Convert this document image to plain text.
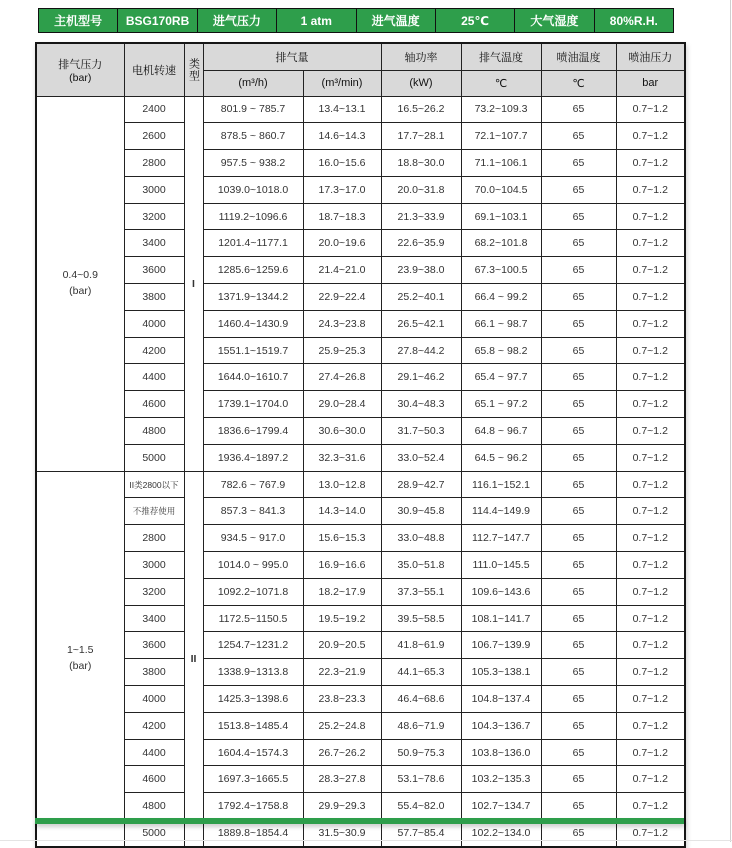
主机型号	BSG170RB	进气压力	1 atm	进气温度	25℃	大气湿度	80%R.H.
排气压力
(bar)	电机转速	类型	排气量		轴功率	排气温度	喷油温度	喷油压力
			(m³/h)	(m³/min)	(kW)	℃	℃	bar

0.4~0.9
(bar)	2400	I	801.9 ~ 785.7	13.4~13.1	16.5~26.2	73.2~109.3	65	0.7~1.2
	2600		878.5 ~ 860.7	14.6~14.3	17.7~28.1	72.1~107.7	65	0.7~1.2
	2800		957.5 ~ 938.2	16.0~15.6	18.8~30.0	71.1~106.1	65	0.7~1.2
	3000		1039.0~1018.0	17.3~17.0	20.0~31.8	70.0~104.5	65	0.7~1.2
	3200		1119.2~1096.6	18.7~18.3	21.3~33.9	69.1~103.1	65	0.7~1.2
	3400		1201.4~1177.1	20.0~19.6	22.6~35.9	68.2~101.8	65	0.7~1.2
	3600		1285.6~1259.6	21.4~21.0	23.9~38.0	67.3~100.5	65	0.7~1.2
	3800		1371.9~1344.2	22.9~22.4	25.2~40.1	66.4 ~ 99.2	65	0.7~1.2
	4000		1460.4~1430.9	24.3~23.8	26.5~42.1	66.1 ~ 98.7	65	0.7~1.2
	4200		1551.1~1519.7	25.9~25.3	27.8~44.2	65.8 ~ 98.2	65	0.7~1.2
	4400		1644.0~1610.7	27.4~26.8	29.1~46.2	65.4 ~ 97.7	65	0.7~1.2
	4600		1739.1~1704.0	29.0~28.4	30.4~48.3	65.1 ~ 97.2	65	0.7~1.2
	4800		1836.6~1799.4	30.6~30.0	31.7~50.3	64.8 ~ 96.7	65	0.7~1.2
	5000		1936.4~1897.2	32.3~31.6	33.0~52.4	64.5 ~ 96.2	65	0.7~1.2

1~1.5
(bar)	II类2800以下	II	782.6 ~ 767.9	13.0~12.8	28.9~42.7	116.1~152.1	65	0.7~1.2
	不推荐使用		857.3 ~ 841.3	14.3~14.0	30.9~45.8	114.4~149.9	65	0.7~1.2
	2800		934.5 ~ 917.0	15.6~15.3	33.0~48.8	112.7~147.7	65	0.7~1.2
	3000		1014.0 ~ 995.0	16.9~16.6	35.0~51.8	111.0~145.5	65	0.7~1.2
	3200		1092.2~1071.8	18.2~17.9	37.3~55.1	109.6~143.6	65	0.7~1.2
	3400		1172.5~1150.5	19.5~19.2	39.5~58.5	108.1~141.7	65	0.7~1.2
	3600		1254.7~1231.2	20.9~20.5	41.8~61.9	106.7~139.9	65	0.7~1.2
	3800		1338.9~1313.8	22.3~21.9	44.1~65.3	105.3~138.1	65	0.7~1.2
	4000		1425.3~1398.6	23.8~23.3	46.4~68.6	104.8~137.4	65	0.7~1.2
	4200		1513.8~1485.4	25.2~24.8	48.6~71.9	104.3~136.7	65	0.7~1.2
	4400		1604.4~1574.3	26.7~26.2	50.9~75.3	103.8~136.0	65	0.7~1.2
	4600		1697.3~1665.5	28.3~27.8	53.1~78.6	103.2~135.3	65	0.7~1.2
	4800		1792.4~1758.8	29.9~29.3	55.4~82.0	102.7~134.7	65	0.7~1.2
	5000		1889.8~1854.4	31.5~30.9	57.7~85.4	102.2~134.0	65	0.7~1.2
